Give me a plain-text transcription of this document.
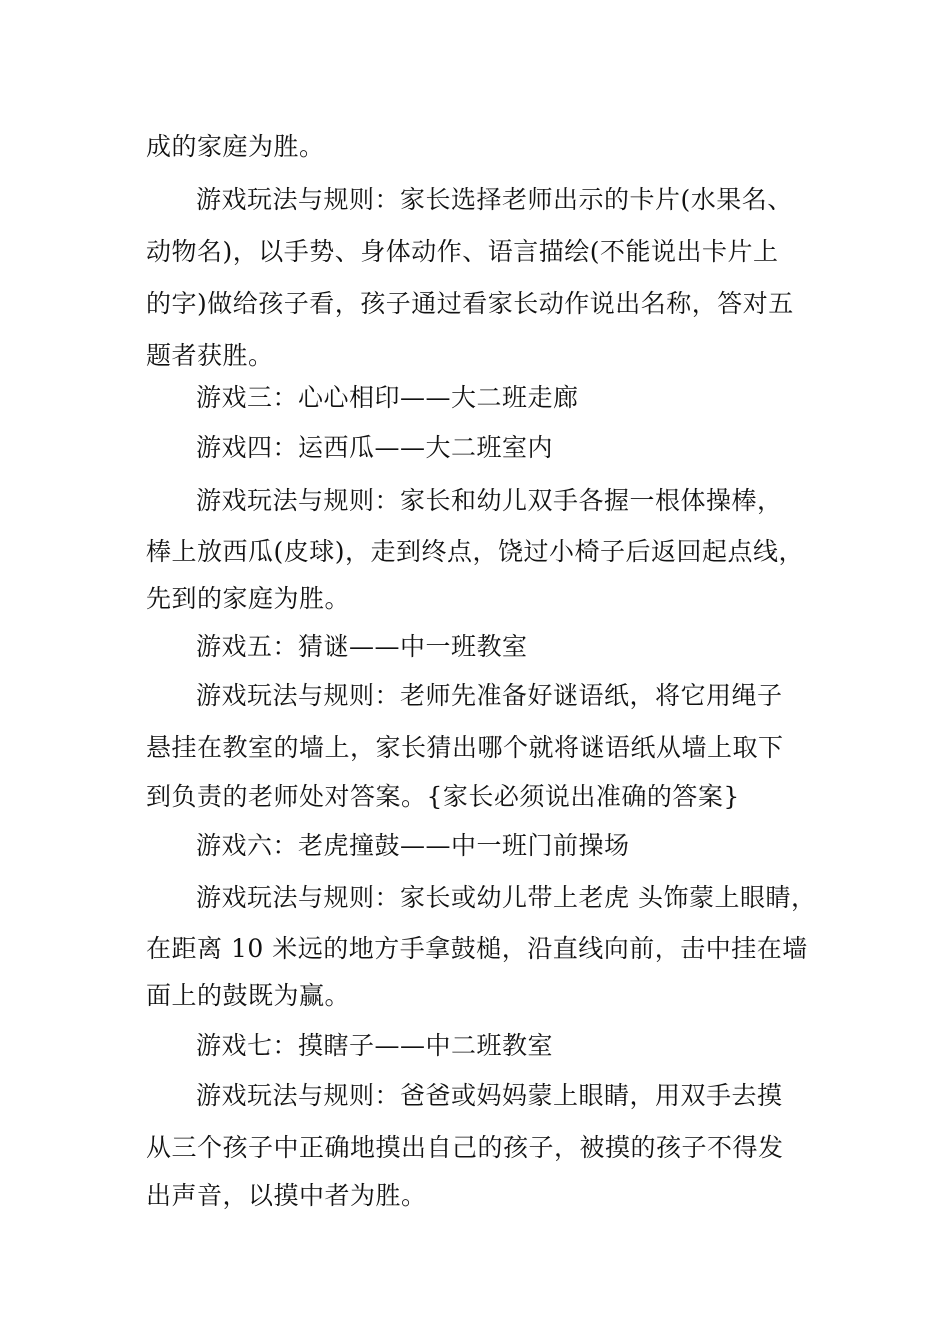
成的家庭为胜。
游戏玩法与规则：家长选择老师出示的卡片(水果名、
动物名)，以手势、身体动作、语言描绘(不能说出卡片上
的字)做给孩子看，孩子通过看家长动作说出名称，答对五
题者获胜。
游戏三：心心相印——大二班走廊
游戏四：运西瓜——大二班室内
游戏玩法与规则：家长和幼儿双手各握一根体操棒，
棒上放西瓜(皮球)，走到终点，饶过小椅子后返回起点线，
先到的家庭为胜。
游戏五：猜谜——中一班教室
游戏玩法与规则：老师先准备好谜语纸，将它用绳子
悬挂在教室的墙上，家长猜出哪个就将谜语纸从墙上取下
到负责的老师处对答案。{家长必须说出准确的答案}
游戏六：老虎撞鼓——中一班门前操场
游戏玩法与规则：家长或幼儿带上老虎 头饰蒙上眼睛，
在距离 10 米远的地方手拿鼓槌，沿直线向前，击中挂在墙
面上的鼓既为赢。
游戏七：摸瞎子——中二班教室
游戏玩法与规则：爸爸或妈妈蒙上眼睛，用双手去摸
从三个孩子中正确地摸出自己的孩子，被摸的孩子不得发
出声音，以摸中者为胜。
